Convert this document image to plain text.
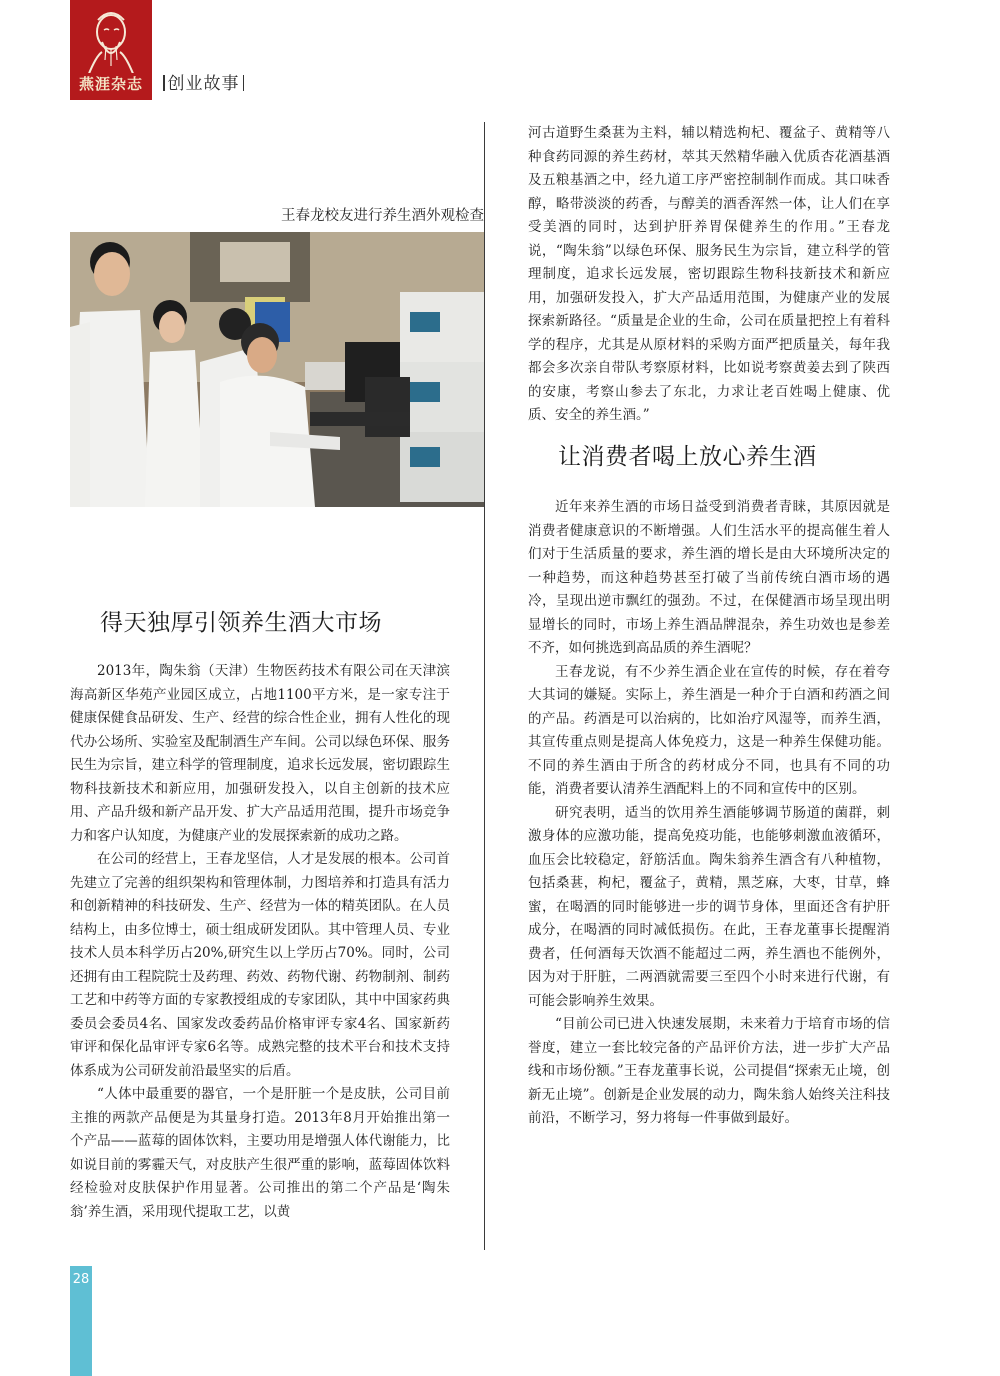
燕涯杂志	创业故事
王春龙校友进行养生酒外观检查
得天独厚引领养生酒大市场

2013年，陶朱翁（天津）生物医药技术有限公司在天津滨海高新区华苑产业园区成立，占地1100平方米，是一家专注于健康保健食品研发、生产、经营的综合性企业，拥有人性化的现代办公场所、实验室及配制酒生产车间。公司以绿色环保、服务民生为宗旨，建立科学的管理制度，追求长远发展，密切跟踪生物科技新技术和新应用，加强研发投入，以自主创新的技术应用、产品升级和新产品开发、扩大产品适用范围，提升市场竞争力和客户认知度，为健康产业的发展探索新的成功之路。

在公司的经营上，王春龙坚信，人才是发展的根本。公司首先建立了完善的组织架构和管理体制，力图培养和打造具有活力和创新精神的科技研发、生产、经营为一体的精英团队。在人员结构上，由多位博士，硕士组成研发团队。其中管理人员、专业技术人员本科学历占20%,研究生以上学历占70%。同时，公司还拥有由工程院院士及药理、药效、药物代谢、药物制剂、制药工艺和中药等方面的专家教授组成的专家团队，其中中国家药典委员会委员4名、国家发改委药品价格审评专家4名、国家新药审评和保化品审评专家6名等。成熟完整的技术平台和技术支持体系成为公司研发前沿最坚实的后盾。

“人体中最重要的器官，一个是肝脏一个是皮肤，公司目前主推的两款产品便是为其量身打造。2013年8月开始推出第一个产品——蓝莓的固体饮料，主要功用是增强人体代谢能力，比如说目前的雾霾天气，对皮肤产生很严重的影响，蓝莓固体饮料经检验对皮肤保护作用显著。公司推出的第二个产品是‘陶朱翁’养生酒，采用现代提取工艺，以黄

河古道野生桑葚为主料，辅以精选枸杞、覆盆子、黄精等八种食药同源的养生药材，萃其天然精华融入优质杏花酒基酒及五粮基酒之中，经九道工序严密控制制作而成。其口味香醇，略带淡淡的药香，与醇美的酒香浑然一体，让人们在享受美酒的同时，达到护肝养胃保健养生的作用。”王春龙说，“陶朱翁”以绿色环保、服务民生为宗旨，建立科学的管理制度，追求长远发展，密切跟踪生物科技新技术和新应用，加强研发投入，扩大产品适用范围，为健康产业的发展探索新路径。“质量是企业的生命，公司在质量把控上有着科学的程序，尤其是从原材料的采购方面严把质量关，每年我都会多次亲自带队考察原材料，比如说考察黄姜去到了陕西的安康，考察山参去了东北，力求让老百姓喝上健康、优质、安全的养生酒。”

让消费者喝上放心养生酒

近年来养生酒的市场日益受到消费者青睐，其原因就是消费者健康意识的不断增强。人们生活水平的提高催生着人们对于生活质量的要求，养生酒的增长是由大环境所决定的一种趋势，而这种趋势甚至打破了当前传统白酒市场的遇冷，呈现出逆市飘红的强劲。不过，在保健酒市场呈现出明显增长的同时，市场上养生酒品牌混杂，养生功效也是参差不齐，如何挑选到高品质的养生酒呢？

王春龙说，有不少养生酒企业在宣传的时候，存在着夸大其词的嫌疑。实际上，养生酒是一种介于白酒和药酒之间的产品。药酒是可以治病的，比如治疗风湿等，而养生酒，其宣传重点则是提高人体免疫力，这是一种养生保健功能。不同的养生酒由于所含的药材成分不同，也具有不同的功能，消费者要认清养生酒配料上的不同和宣传中的区别。

研究表明，适当的饮用养生酒能够调节肠道的菌群，刺激身体的应激功能，提高免疫功能，也能够刺激血液循环，血压会比较稳定，舒筋活血。陶朱翁养生酒含有八种植物，包括桑葚，枸杞，覆盆子，黄精，黑芝麻，大枣，甘草，蜂蜜，在喝酒的同时能够进一步的调节身体，里面还含有护肝成分，在喝酒的同时减低损伤。在此，王春龙董事长提醒消费者，任何酒每天饮酒不能超过二两，养生酒也不能例外，因为对于肝脏，二两酒就需要三至四个小时来进行代谢，有可能会影响养生效果。

“目前公司已进入快速发展期，未来着力于培育市场的信誉度，建立一套比较完备的产品评价方法，进一步扩大产品线和市场份额。”王春龙董事长说，公司提倡“探索无止境，创新无止境”。创新是企业发展的动力，陶朱翁人始终关注科技前沿，不断学习，努力将每一件事做到最好。

28
